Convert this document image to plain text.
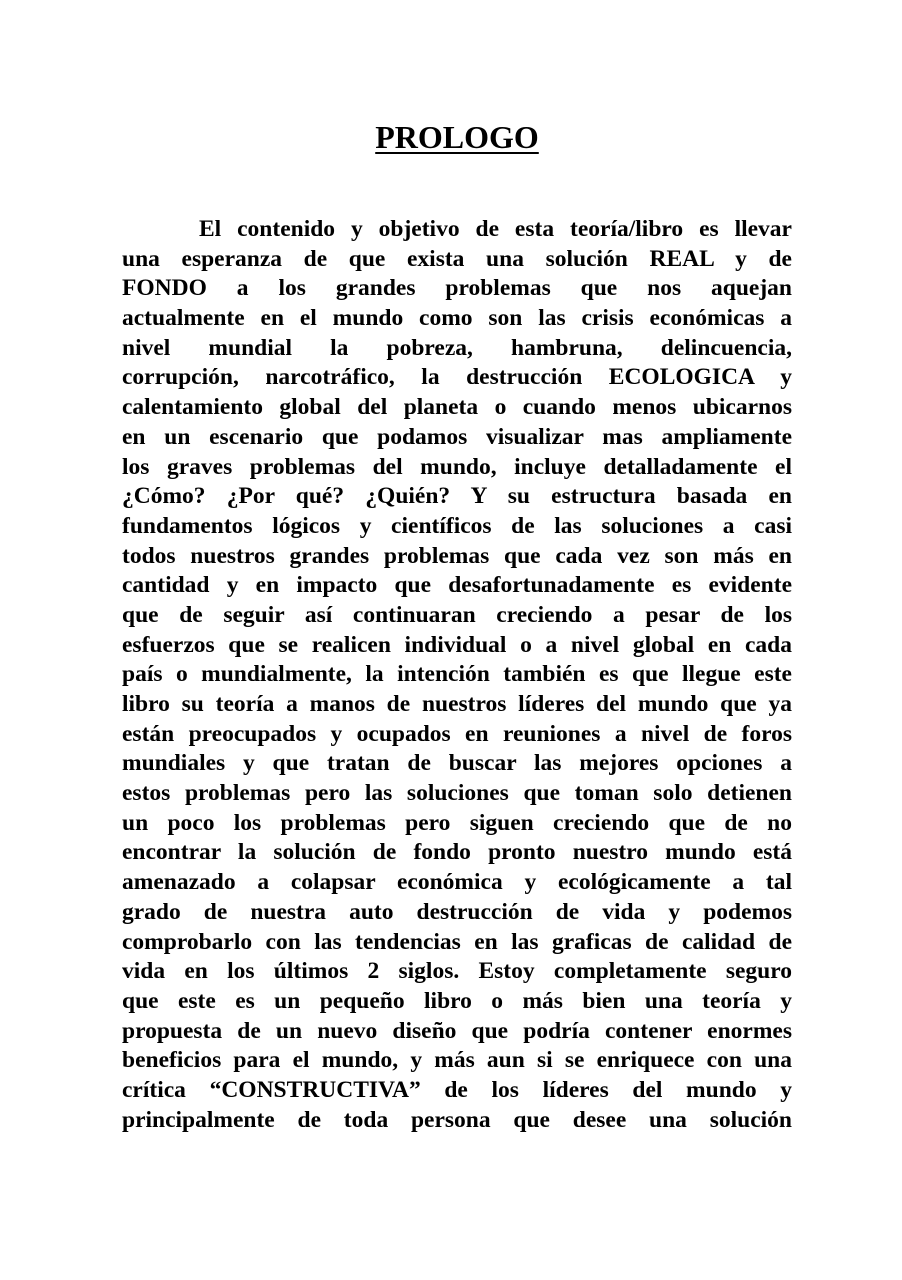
PROLOGO
El contenido y objetivo de esta teoría/libro es llevar
una esperanza de que exista una solución REAL y de
FONDO a los grandes problemas que nos aquejan
actualmente en el mundo como son las crisis económicas a
nivel mundial la pobreza, hambruna, delincuencia,
corrupción, narcotráfico, la destrucción ECOLOGICA y
calentamiento global del planeta o cuando menos ubicarnos
en un escenario que podamos visualizar mas ampliamente
los graves problemas del mundo, incluye detalladamente el
¿Cómo? ¿Por qué? ¿Quién? Y su estructura basada en
fundamentos lógicos y científicos de las soluciones a casi
todos nuestros grandes problemas que cada vez son más en
cantidad y en impacto que desafortunadamente es evidente
que de seguir así continuaran creciendo a pesar de los
esfuerzos que se realicen individual o a nivel global en cada
país o mundialmente, la intención también es que llegue este
libro su teoría a manos de nuestros líderes del mundo que ya
están preocupados y ocupados en reuniones a nivel de foros
mundiales y que tratan de buscar las mejores opciones a
estos problemas pero las soluciones que toman solo detienen
un poco los problemas pero siguen creciendo que de no
encontrar la solución de fondo pronto nuestro mundo está
amenazado a colapsar económica y ecológicamente a tal
grado de nuestra auto destrucción de vida y podemos
comprobarlo con las tendencias en las graficas de calidad de
vida en los últimos 2 siglos. Estoy completamente seguro
que este es un pequeño libro o más bien una teoría y
propuesta de un nuevo diseño que podría contener enormes
beneficios para el mundo, y más aun si se enriquece con una
crítica “CONSTRUCTIVA” de los líderes del mundo y
principalmente de toda persona que desee una solución
